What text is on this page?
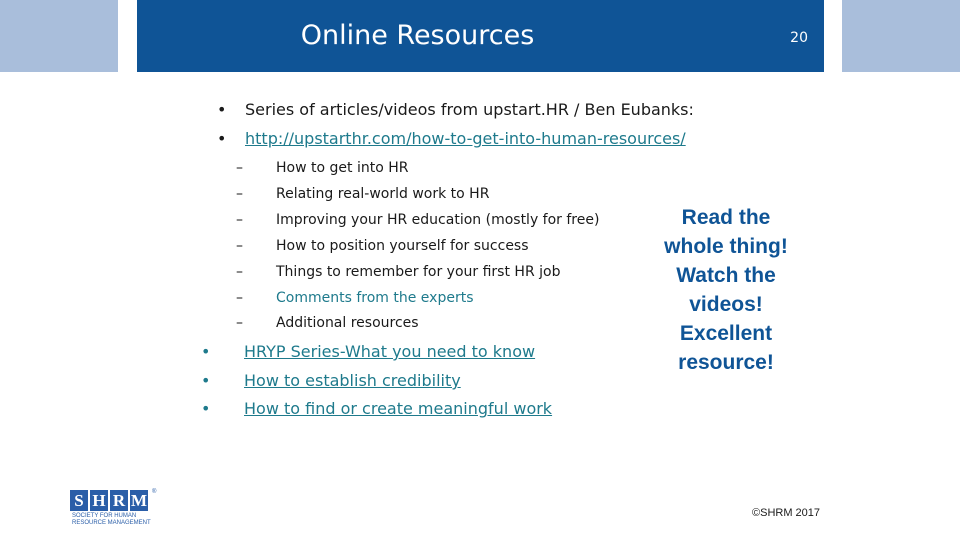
Online Resources	20
• Series of articles/videos from upstart.HR / Ben Eubanks:
• http://upstarthr.com/how-to-get-into-human-resources/
– How to get into HR
– Relating real-world work to HR
– Improving your HR education (mostly for free)
– How to position yourself for success
– Things to remember for your first HR job
– Comments from the experts
– Additional resources
• HRYP Series-What you need to know
• How to establish credibility
• How to find or create meaningful work
Read the
whole thing!
Watch the
videos!
Excellent
resource!
S H R M ®
SOCIETY FOR HUMAN RESOURCE MANAGEMENT
©SHRM 2017
